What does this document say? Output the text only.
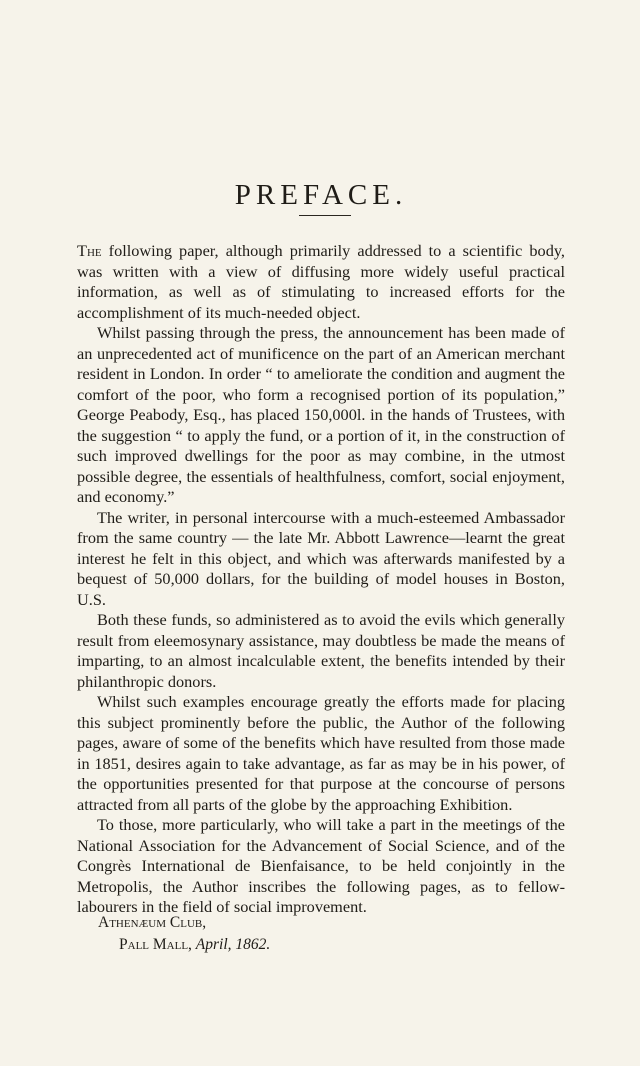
PREFACE.

The following paper, although primarily addressed to a scientific body, was written with a view of diffusing more widely useful practical information, as well as of stimulating to increased efforts for the accomplishment of its much-needed object.

Whilst passing through the press, the announcement has been made of an unprecedented act of munificence on the part of an American merchant resident in London. In order “ to ameliorate the condition and augment the comfort of the poor, who form a recognised portion of its population,” George Peabody, Esq., has placed 150,000l. in the hands of Trustees, with the suggestion “ to apply the fund, or a portion of it, in the construction of such improved dwellings for the poor as may combine, in the utmost possible degree, the essentials of healthfulness, comfort, social enjoyment, and economy.”

The writer, in personal intercourse with a much-esteemed Ambassador from the same country — the late Mr. Abbott Lawrence—learnt the great interest he felt in this object, and which was afterwards manifested by a bequest of 50,000 dollars, for the building of model houses in Boston, U.S.

Both these funds, so administered as to avoid the evils which generally result from eleemosynary assistance, may doubtless be made the means of imparting, to an almost incalculable extent, the benefits intended by their philanthropic donors.

Whilst such examples encourage greatly the efforts made for placing this subject prominently before the public, the Author of the following pages, aware of some of the benefits which have resulted from those made in 1851, desires again to take advantage, as far as may be in his power, of the opportunities presented for that purpose at the concourse of persons attracted from all parts of the globe by the approaching Exhibition.

To those, more particularly, who will take a part in the meetings of the National Association for the Advancement of Social Science, and of the Congrès International de Bienfaisance, to be held conjointly in the Metropolis, the Author inscribes the following pages, as to fellow-labourers in the field of social improvement.

Athenæum Club,
Pall Mall, April, 1862.
